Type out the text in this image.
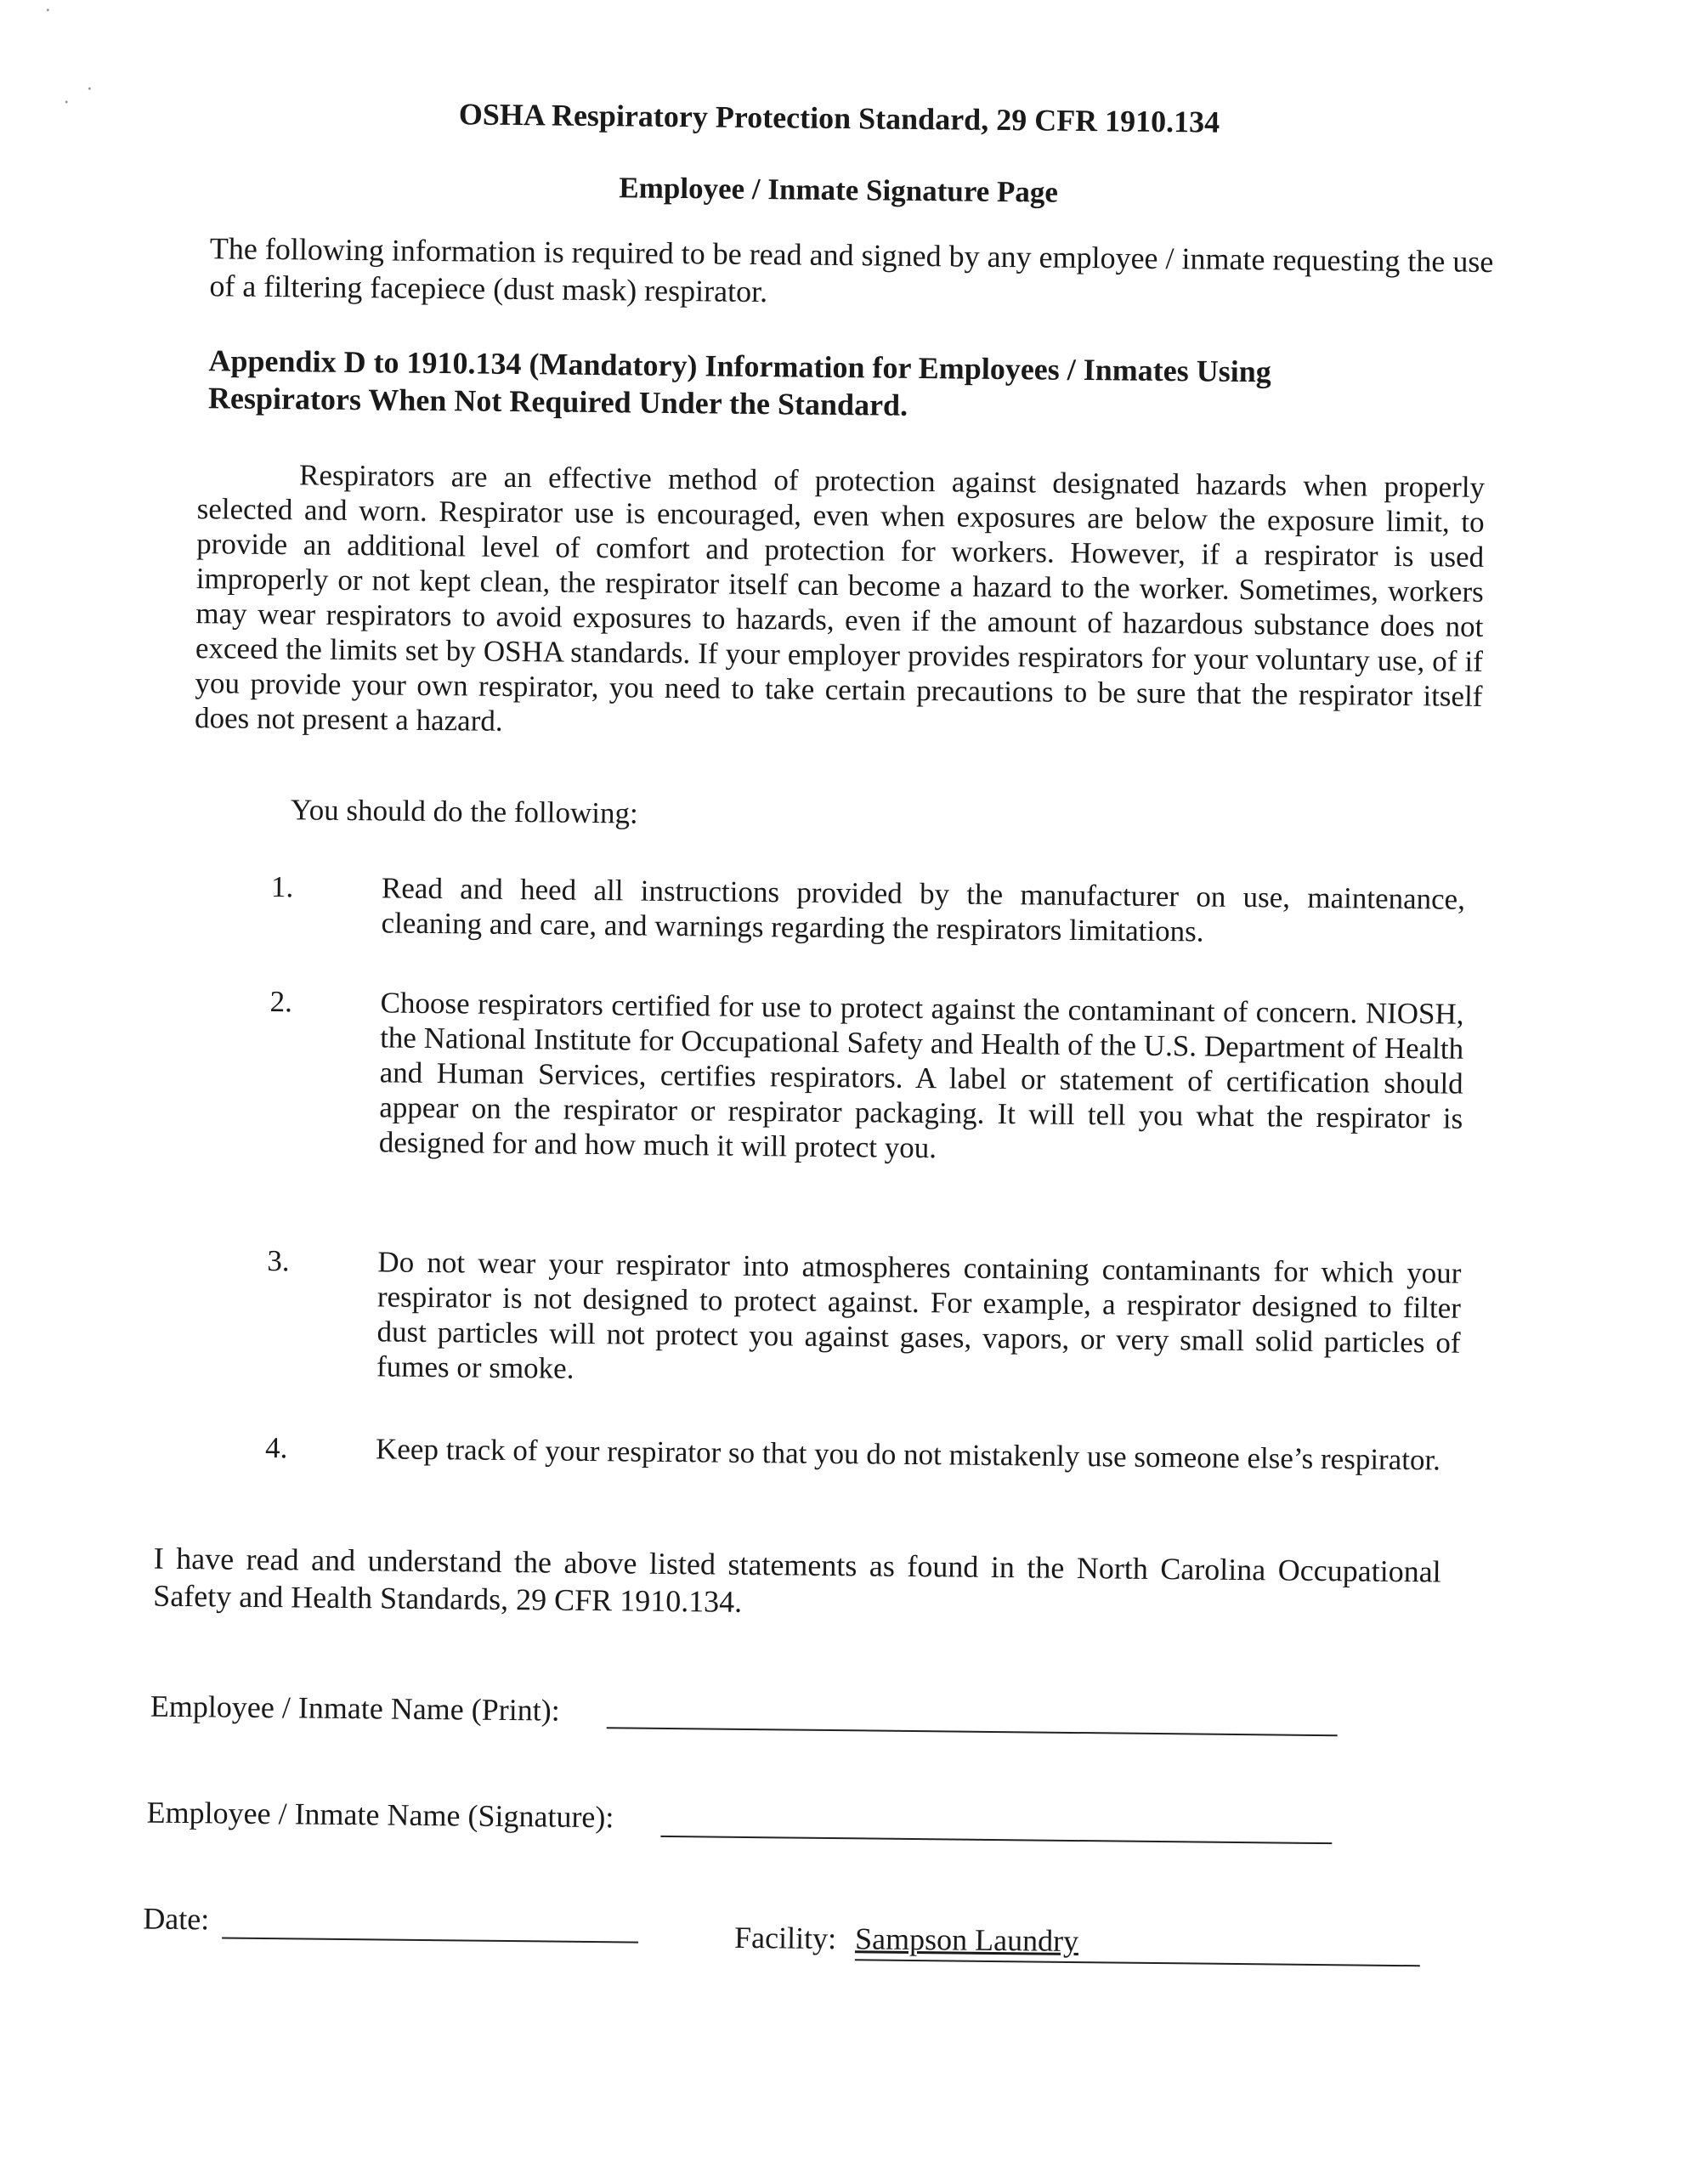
OSHA Respiratory Protection Standard, 29 CFR 1910.134
Employee / Inmate Signature Page
The following information is required to be read and signed by any employee / inmate requesting the use of a filtering facepiece (dust mask) respirator.
Appendix D to 1910.134 (Mandatory) Information for Employees / Inmates Using Respirators When Not Required Under the Standard.
Respirators are an effective method of protection against designated hazards when properly selected and worn. Respirator use is encouraged, even when exposures are below the exposure limit, to provide an additional level of comfort and protection for workers. However, if a respirator is used improperly or not kept clean, the respirator itself can become a hazard to the worker. Sometimes, workers may wear respirators to avoid exposures to hazards, even if the amount of hazardous substance does not exceed the limits set by OSHA standards. If your employer provides respirators for your voluntary use, of if you provide your own respirator, you need to take certain precautions to be sure that the respirator itself does not present a hazard.
You should do the following:
1.	Read and heed all instructions provided by the manufacturer on use, maintenance, cleaning and care, and warnings regarding the respirators limitations.
2.	Choose respirators certified for use to protect against the contaminant of concern. NIOSH, the National Institute for Occupational Safety and Health of the U.S. Department of Health and Human Services, certifies respirators. A label or statement of certification should appear on the respirator or respirator packaging. It will tell you what the respirator is designed for and how much it will protect you.
3.	Do not wear your respirator into atmospheres containing contaminants for which your respirator is not designed to protect against. For example, a respirator designed to filter dust particles will not protect you against gases, vapors, or very small solid particles of fumes or smoke.
4.	Keep track of your respirator so that you do not mistakenly use someone else’s respirator.
I have read and understand the above listed statements as found in the North Carolina Occupational Safety and Health Standards, 29 CFR 1910.134.
Employee / Inmate Name (Print):
Employee / Inmate Name (Signature):
Date:
Facility: Sampson Laundry
